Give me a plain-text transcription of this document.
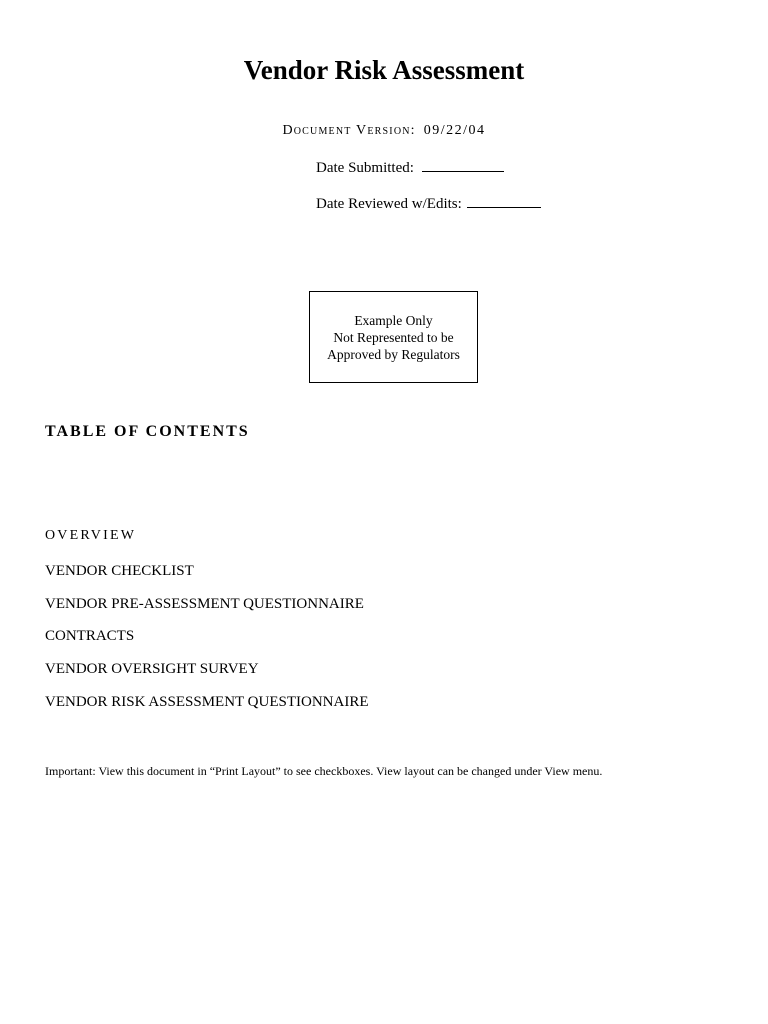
Vendor Risk Assessment
Document Version: 09/22/04
Date Submitted:
Date Reviewed w/Edits:
Example Only
Not Represented to be
Approved by Regulators
TABLE OF CONTENTS
OVERVIEW
VENDOR CHECKLIST
VENDOR PRE-ASSESSMENT QUESTIONNAIRE
CONTRACTS
VENDOR OVERSIGHT SURVEY
VENDOR RISK ASSESSMENT QUESTIONNAIRE
Important: View this document in “Print Layout” to see checkboxes. View layout can be changed under View menu.
